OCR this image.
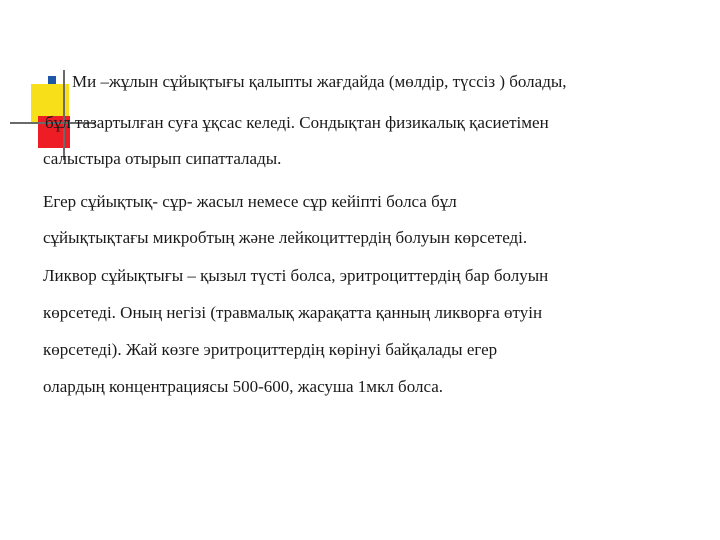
Ми –жұлын сұйықтығы қалыпты жағдайда (мөлдір, түссіз ) болады,
бұл тазартылған суға ұқсас келеді. Сондықтан физикалық қасиетімен
салыстыра отырып сипатталады.
Егер сұйықтық- сұр- жасыл немесе сұр кейіпті болса бұл
сұйықтықтағы микробтың және лейкоциттердің болуын көрсетеді.
Ликвор сұйықтығы – қызыл түсті болса, эритроциттердің бар болуын
көрсетеді. Оның негізі (травмалық жарақатта қанның ликворға өтуін
көрсетеді). Жай көзге эритроциттердің көрінуі байқалады егер
олардың концентрациясы 500-600, жасуша 1мкл болса.
